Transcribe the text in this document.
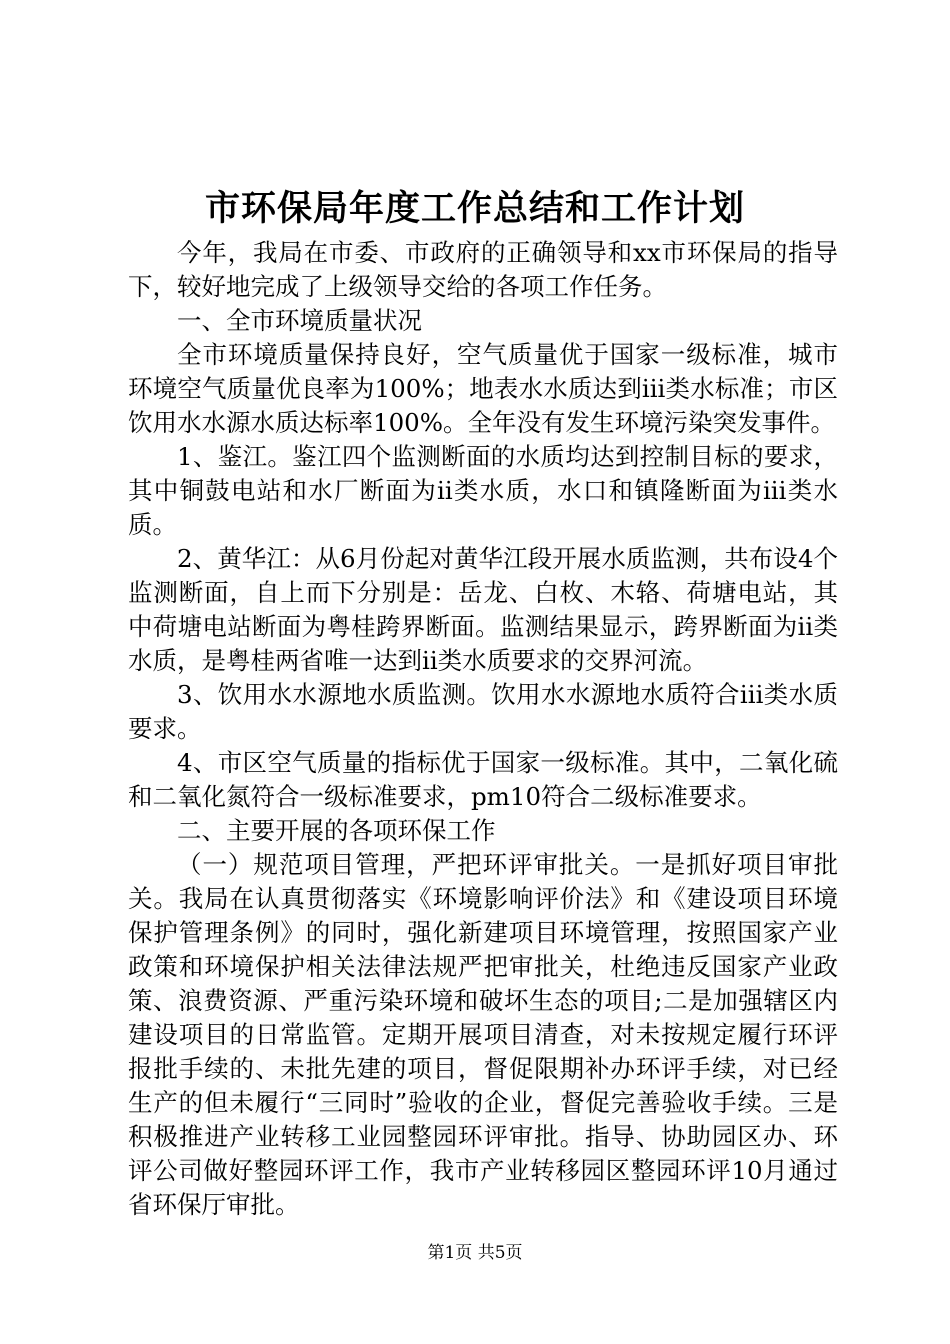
市环保局年度工作总结和工作计划

今年，我局在市委、市政府的正确领导和xx市环保局的指导下，较好地完成了上级领导交给的各项工作任务。

一、全市环境质量状况

全市环境质量保持良好，空气质量优于国家一级标准，城市环境空气质量优良率为100%；地表水水质达到iii类水标准；市区饮用水水源水质达标率100%。全年没有发生环境污染突发事件。

1、鉴江。鉴江四个监测断面的水质均达到控制目标的要求，其中铜鼓电站和水厂断面为ii类水质，水口和镇隆断面为iii类水质。

2、黄华江：从6月份起对黄华江段开展水质监测，共布设4个监测断面，自上而下分别是：岳龙、白枚、木辂、荷塘电站，其中荷塘电站断面为粤桂跨界断面。监测结果显示，跨界断面为ii类水质，是粤桂两省唯一达到ii类水质要求的交界河流。

3、饮用水水源地水质监测。饮用水水源地水质符合iii类水质要求。

4、市区空气质量的指标优于国家一级标准。其中，二氧化硫和二氧化氮符合一级标准要求，pm10符合二级标准要求。

二、主要开展的各项环保工作

（一）规范项目管理，严把环评审批关。一是抓好项目审批关。我局在认真贯彻落实《环境影响评价法》和《建设项目环境保护管理条例》的同时，强化新建项目环境管理，按照国家产业政策和环境保护相关法律法规严把审批关，杜绝违反国家产业政策、浪费资源、严重污染环境和破坏生态的项目;二是加强辖区内建设项目的日常监管。定期开展项目清查，对未按规定履行环评报批手续的、未批先建的项目，督促限期补办环评手续，对已经生产的但未履行“三同时”验收的企业，督促完善验收手续。三是积极推进产业转移工业园整园环评审批。指导、协助园区办、环评公司做好整园环评工作，我市产业转移园区整园环评10月通过省环保厅审批。

第1页 共5页
